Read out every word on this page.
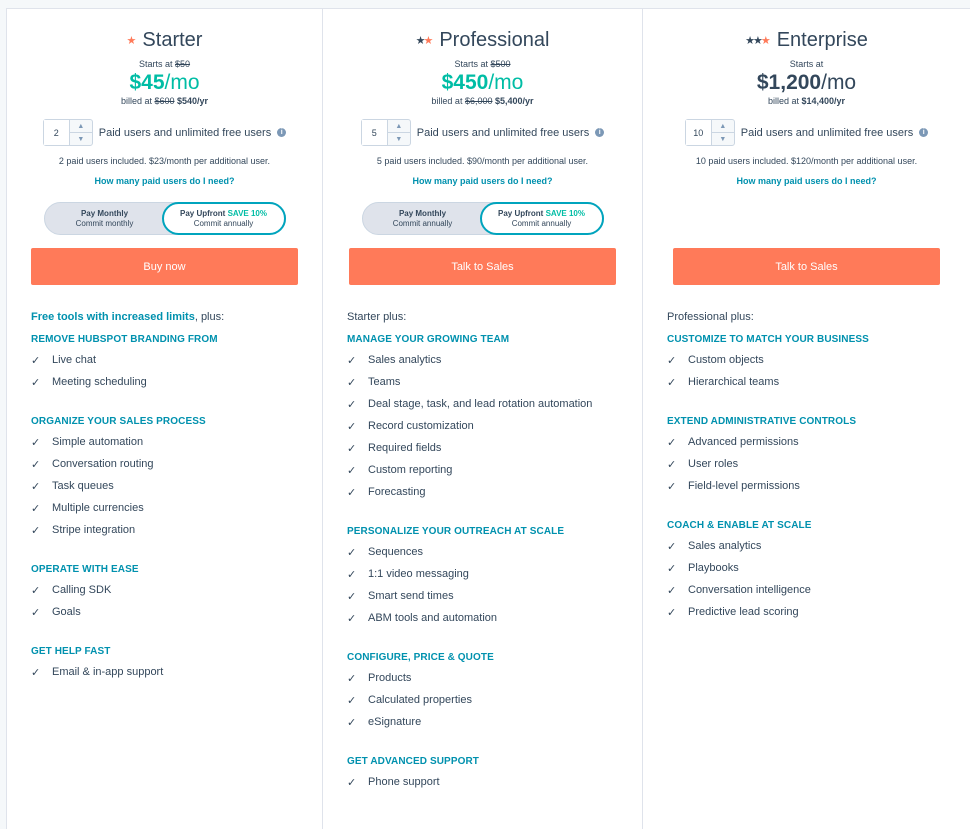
★ Starter
Starts at $50
$45/mo
billed at $600 $540/yr
2
▲
▼
Paid users and unlimited free users	i
2 paid users included. $23/month per additional user.
How many paid users do I need?
Pay Monthly
Commit monthly
Pay Upfront SAVE 10%
Commit annually
Buy now
Free tools with increased limits, plus:
REMOVE HUBSPOT BRANDING FROM
✓ Live chat
✓ Meeting scheduling
ORGANIZE YOUR SALES PROCESS
✓ Simple automation
✓ Conversation routing
✓ Task queues
✓ Multiple currencies
✓ Stripe integration
OPERATE WITH EASE
✓ Calling SDK
✓ Goals
GET HELP FAST
✓ Email & in-app support
★ ★ Professional
Starts at $500
$450/mo
billed at $6,000 $5,400/yr
5
▲
▼
Paid users and unlimited free users	i
5 paid users included. $90/month per additional user.
How many paid users do I need?
Pay Monthly
Commit annually
Pay Upfront SAVE 10%
Commit annually
Talk to Sales
Starter plus:
MANAGE YOUR GROWING TEAM
✓ Sales analytics
✓ Teams
✓ Deal stage, task, and lead rotation automation
✓ Record customization
✓ Required fields
✓ Custom reporting
✓ Forecasting
PERSONALIZE YOUR OUTREACH AT SCALE
✓ Sequences
✓ 1:1 video messaging
✓ Smart send times
✓ ABM tools and automation
CONFIGURE, PRICE & QUOTE
✓ Products
✓ Calculated properties
✓ eSignature
GET ADVANCED SUPPORT
✓ Phone support
★★ ★ Enterprise
Starts at
$1,200/mo
billed at $14,400/yr
10
▲
▼
Paid users and unlimited free users	i
10 paid users included. $120/month per additional user.
How many paid users do I need?
Talk to Sales
Professional plus:
CUSTOMIZE TO MATCH YOUR BUSINESS
✓ Custom objects
✓ Hierarchical teams
EXTEND ADMINISTRATIVE CONTROLS
✓ Advanced permissions
✓ User roles
✓ Field-level permissions
COACH & ENABLE AT SCALE
✓ Sales analytics
✓ Playbooks
✓ Conversation intelligence
✓ Predictive lead scoring
